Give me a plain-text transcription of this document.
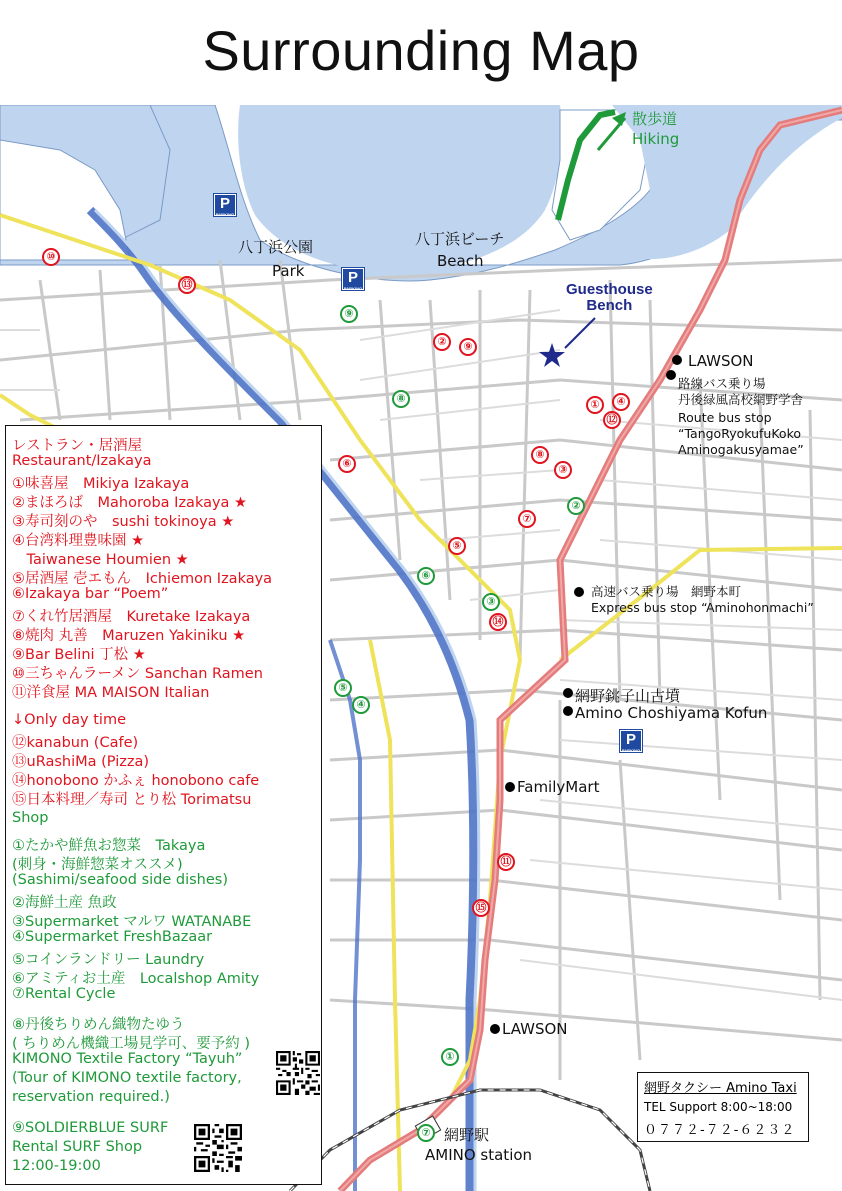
Surrounding Map
散歩道
Hiking
八丁浜公園
Park
八丁浜ビーチ
Beach
Guesthouse
Bench
P
PARKING
P
PARKING
P
PARKING
LAWSON
路線バス乗り場
丹後緑風高校網野学舎
Route bus stop
“TangoRyokufuKoko
Aminogakusyamae”
高速バス乗り場　網野本町
Express bus stop “Aminohonmachi”
網野銚子山古墳
Amino Choshiyama Kofun
FamilyMart
LAWSON
網野駅
AMINO station
⑩
⑬
②	⑨
①	④
⑫
⑥
⑧
③
⑦
⑤
⑭
⑪
⑮
⑨
⑧
②
⑥
③
⑤
④
①
⑦
レストラン・居酒屋
Restaurant/Izakaya
①味喜屋　Mikiya Izakaya
②まほろば　Mahoroba Izakaya ★
③寿司刻のや　sushi tokinoya ★
④台湾料理豊味園 ★
　Taiwanese Houmien ★
⑤居酒屋 壱エもん　Ichiemon Izakaya
⑥Izakaya bar “Poem”
⑦くれ竹居酒屋　Kuretake Izakaya
⑧焼肉 丸善　Maruzen Yakiniku ★
⑨Bar Belini 丁松 ★
⑩三ちゃんラーメン Sanchan Ramen
⑪洋食屋 MA MAISON Italian
↓Only day time
⑫kanabun (Cafe)
⑬uRashiMa (Pizza)
⑭honobono かふぇ honobono cafe
⑮日本料理／寿司 とり松 Torimatsu
Shop
①たかや鮮魚お惣菜　Takaya
(刺身・海鮮惣菜オススメ)
(Sashimi/seafood side dishes)
②海鮮土産 魚政
③Supermarket マルワ WATANABE
④Supermarket FreshBazaar
⑤コインランドリー Laundry
⑥アミティお土産　Localshop Amity
⑦Rental Cycle
⑧丹後ちりめん織物たゆう
( ちりめん機織工場見学可、要予約 )
KIMONO Textile Factory “Tayuh”
(Tour of KIMONO textile factory,
reservation required.)
⑨SOLDIERBLUE SURF
Rental SURF Shop
12:00-19:00
網野タクシー Amino Taxi
TEL Support 8:00~18:00
０７７２-７２-６２３２
